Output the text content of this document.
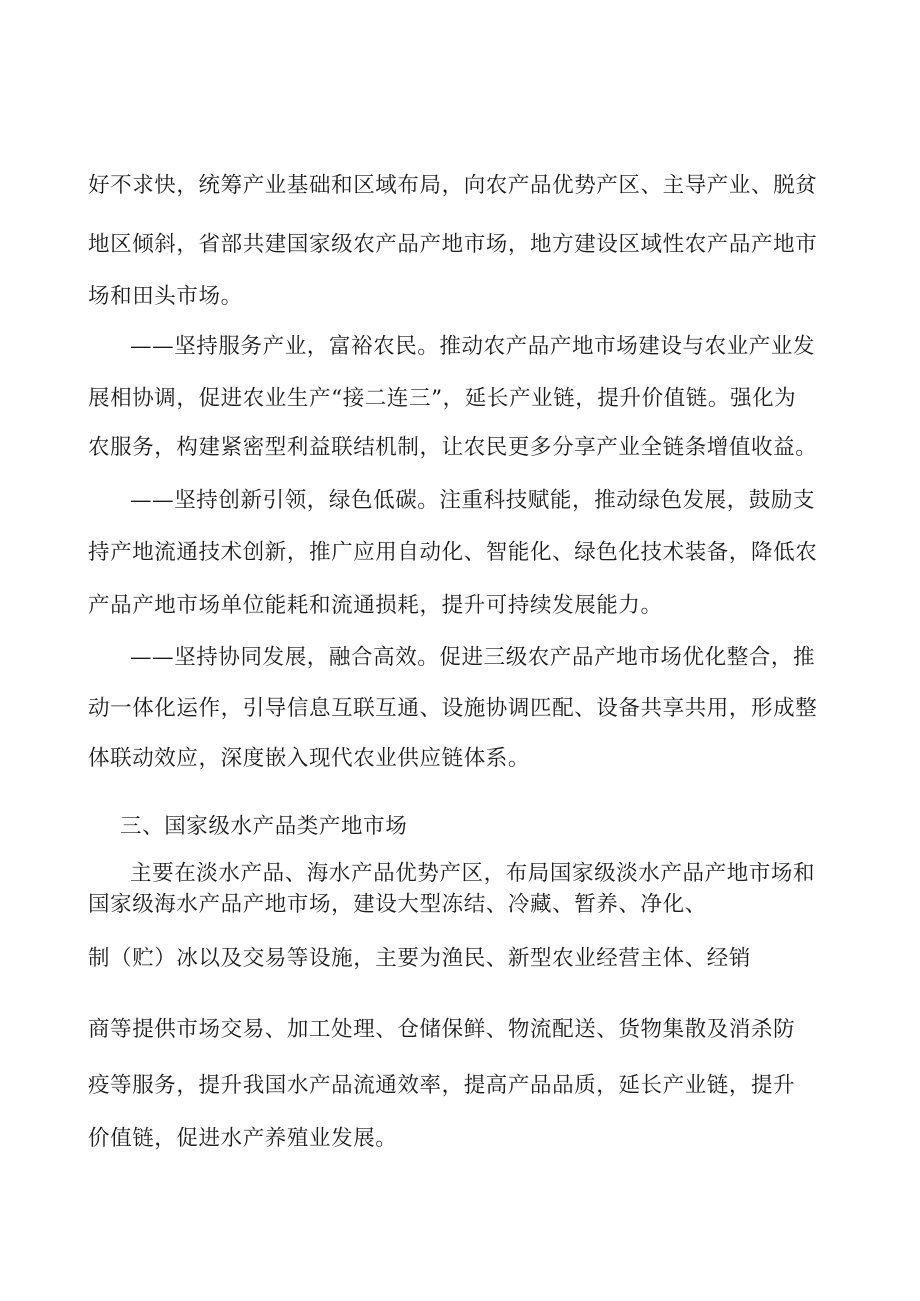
好不求快，统筹产业基础和区域布局，向农产品优势产区、主导产业、脱贫
地区倾斜，省部共建国家级农产品产地市场，地方建设区域性农产品产地市
场和田头市场。
——坚持服务产业，富裕农民。推动农产品产地市场建设与农业产业发
展相协调，促进农业生产“接二连三”，延长产业链，提升价值链。强化为
农服务，构建紧密型利益联结机制，让农民更多分享产业全链条增值收益。
——坚持创新引领，绿色低碳。注重科技赋能，推动绿色发展，鼓励支
持产地流通技术创新，推广应用自动化、智能化、绿色化技术装备，降低农
产品产地市场单位能耗和流通损耗，提升可持续发展能力。
——坚持协同发展，融合高效。促进三级农产品产地市场优化整合，推
动一体化运作，引导信息互联互通、设施协调匹配、设备共享共用，形成整
体联动效应，深度嵌入现代农业供应链体系。
三、国家级水产品类产地市场
主要在淡水产品、海水产品优势产区，布局国家级淡水产品产地市场和
国家级海水产品产地市场，建设大型冻结、冷藏、暂养、净化、
制（贮）冰以及交易等设施，主要为渔民、新型农业经营主体、经销
商等提供市场交易、加工处理、仓储保鲜、物流配送、货物集散及消杀防
疫等服务，提升我国水产品流通效率，提高产品品质，延长产业链，提升
价值链，促进水产养殖业发展。
